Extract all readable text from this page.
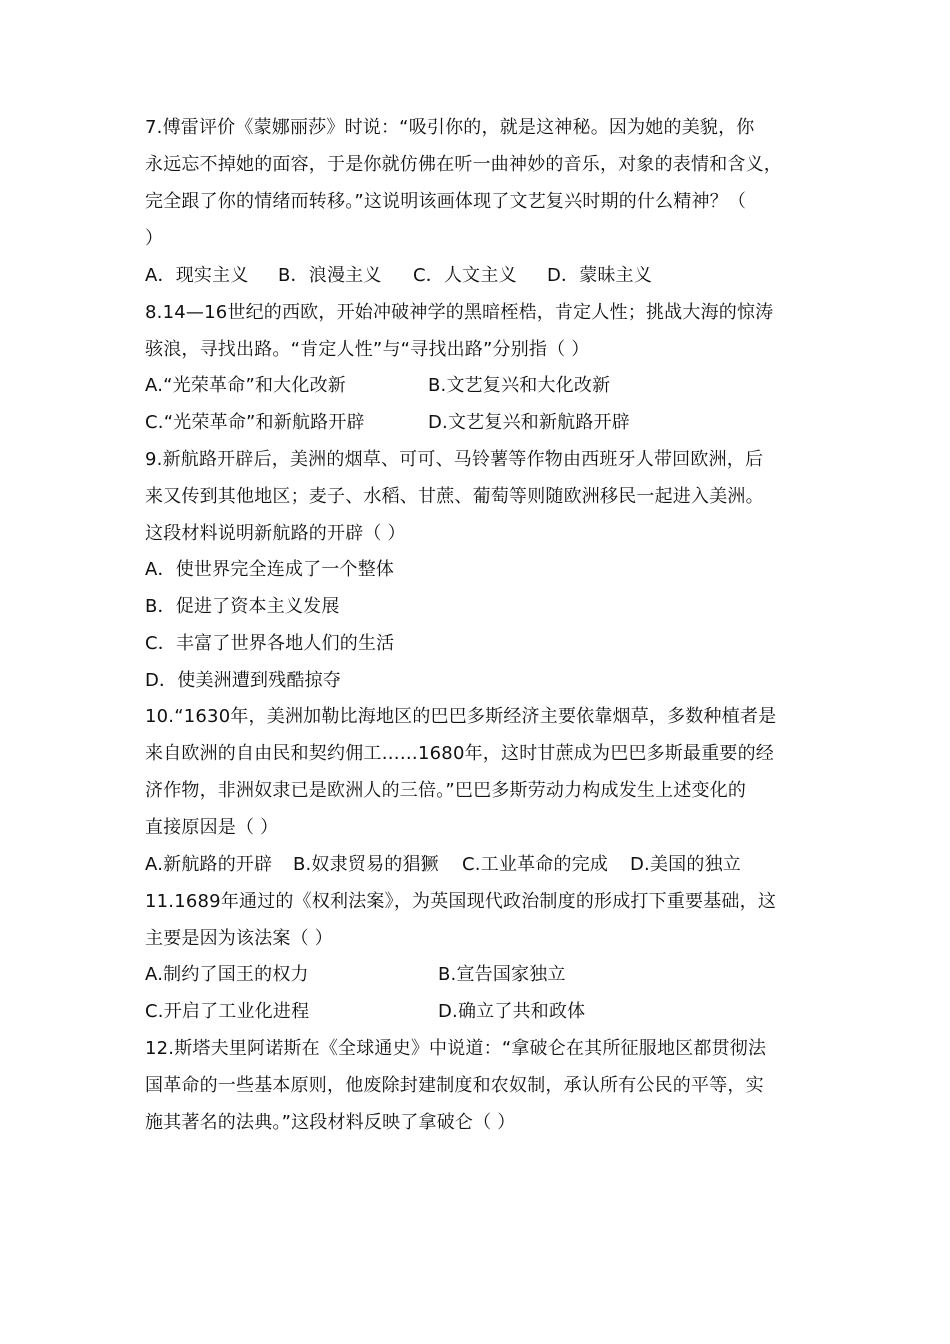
7.傅雷评价《蒙娜丽莎》时说：“吸引你的，就是这神秘。因为她的美貌，你
永远忘不掉她的面容，于是你就仿佛在听一曲神妙的音乐，对象的表情和含义，
完全跟了你的情绪而转移。”这说明该画体现了文艺复兴时期的什么精神？（
）
A．现实主义 B．浪漫主义 C．人文主义 D．蒙昧主义
8.14—16世纪的西欧，开始冲破神学的黑暗桎梏，肯定人性；挑战大海的惊涛
骇浪，寻找出路。“肯定人性”与“寻找出路”分别指（ ）
A.“光荣革命”和大化改新	B.文艺复兴和大化改新
C.“光荣革命”和新航路开辟	D.文艺复兴和新航路开辟
9.新航路开辟后，美洲的烟草、可可、马铃薯等作物由西班牙人带回欧洲，后
来又传到其他地区；麦子、水稻、甘蔗、葡萄等则随欧洲移民一起进入美洲。
这段材料说明新航路的开辟（ ）
A．使世界完全连成了一个整体
B．促进了资本主义发展
C．丰富了世界各地人们的生活
D．使美洲遭到残酷掠夺
10.“1630年，美洲加勒比海地区的巴巴多斯经济主要依靠烟草，多数种植者是
来自欧洲的自由民和契约佣工……1680年，这时甘蔗成为巴巴多斯最重要的经
济作物，非洲奴隶已是欧洲人的三倍。”巴巴多斯劳动力构成发生上述变化的
直接原因是（ ）
A.新航路的开辟 B.奴隶贸易的猖獗 C.工业革命的完成 D.美国的独立
11.1689年通过的《权利法案》，为英国现代政治制度的形成打下重要基础，这
主要是因为该法案（ ）
A.制约了国王的权力	B.宣告国家独立
C.开启了工业化进程	D.确立了共和政体
12.斯塔夫里阿诺斯在《全球通史》中说道：“拿破仑在其所征服地区都贯彻法
国革命的一些基本原则，他废除封建制度和农奴制，承认所有公民的平等，实
施其著名的法典。”这段材料反映了拿破仑（ ）
